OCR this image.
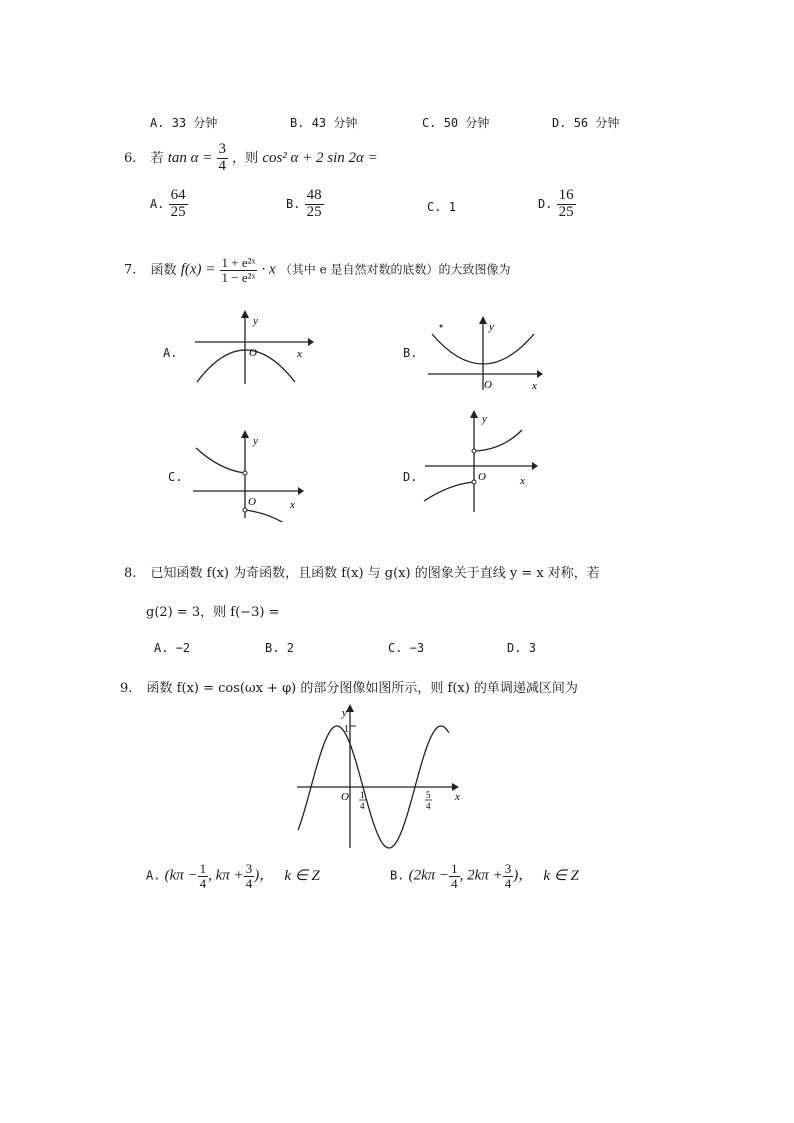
A. 33 分钟	B. 43 分钟	C. 50 分钟	D. 56 分钟
6. 若 $\tan \alpha = \frac{3}{4}$ ，则 cos² α + 2 sin 2α =
A. $\frac{64}{25}$	B. $\frac{48}{25}$	C. 1	D. $\frac{16}{25}$
7. 函数 $f(x) = \frac{\text{1 + e²ˣ}}{\text{1 − e²ˣ}} \cdot x$ （其中 e 是自然对数的底数）的大致图像为
A.
y
O	x	B.
y
O	x
C.
y
O	x
D.
y
O	x
8. 已知函数 f(x) 为奇函数，且函数 f(x) 与 g(x) 的图象关于直线 y = x 对称，若
g(2) = 3，则 f(−3) =
A. −2	B. 2	C. −3	D. 3
9. 函数 f(x) = cos(ωx + φ) 的部分图像如图所示，则 f(x) 的单调递减区间为
y
1
O	x
1
4
5
4
A. ($k\pi - \frac{1}{4}$ , $k\pi + \frac{3}{4}$ )， k ∈ Z	B. ($2k\pi - \frac{1}{4}$ , $2k\pi + \frac{3}{4}$ )， k ∈ Z
